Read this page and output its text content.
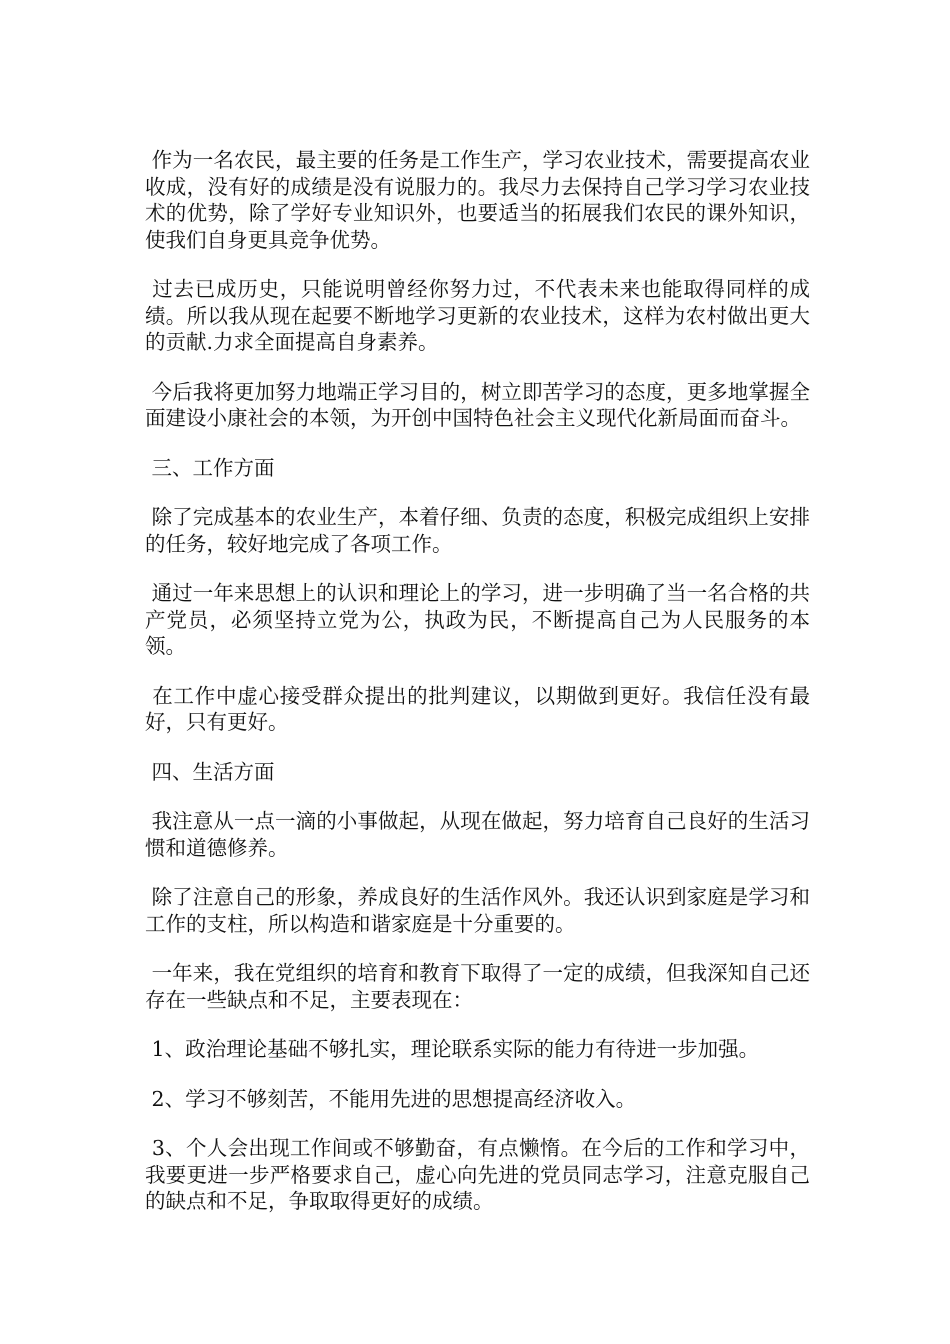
作为一名农民，最主要的任务是工作生产，学习农业技术，需要提高农业收成，没有好的成绩是没有说服力的。我尽力去保持自己学习学习农业技术的优势，除了学好专业知识外，也要适当的拓展我们农民的课外知识，使我们自身更具竞争优势。

过去已成历史，只能说明曾经你努力过，不代表未来也能取得同样的成绩。所以我从现在起要不断地学习更新的农业技术，这样为农村做出更大的贡献.力求全面提高自身素养。

今后我将更加努力地端正学习目的，树立即苦学习的态度，更多地掌握全面建设小康社会的本领，为开创中国特色社会主义现代化新局面而奋斗。

三、工作方面

除了完成基本的农业生产，本着仔细、负责的态度，积极完成组织上安排的任务，较好地完成了各项工作。

通过一年来思想上的认识和理论上的学习，进一步明确了当一名合格的共产党员，必须坚持立党为公，执政为民，不断提高自己为人民服务的本领。

在工作中虚心接受群众提出的批判建议，以期做到更好。我信任没有最好，只有更好。

四、生活方面

我注意从一点一滴的小事做起，从现在做起，努力培育自己良好的生活习惯和道德修养。

除了注意自己的形象，养成良好的生活作风外。我还认识到家庭是学习和工作的支柱，所以构造和谐家庭是十分重要的。

一年来，我在党组织的培育和教育下取得了一定的成绩，但我深知自己还存在一些缺点和不足，主要表现在：

1、政治理论基础不够扎实，理论联系实际的能力有待进一步加强。

2、学习不够刻苦，不能用先进的思想提高经济收入。

3、个人会出现工作间或不够勤奋，有点懒惰。在今后的工作和学习中，我要更进一步严格要求自己，虚心向先进的党员同志学习，注意克服自己的缺点和不足，争取取得更好的成绩。
